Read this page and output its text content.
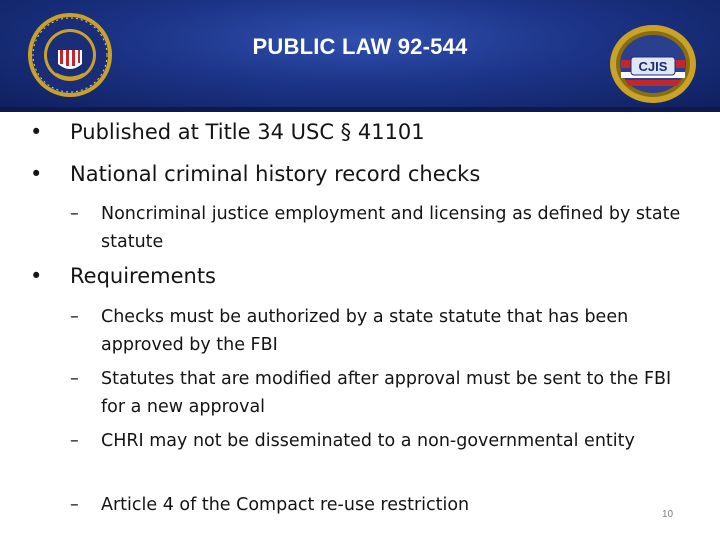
PUBLIC LAW 92-544
CJIS
• Published at Title 34 USC § 41101
• National criminal history record checks
– Noncriminal justice employment and licensing as defined by state statute
• Requirements
– Checks must be authorized by a state statute that has been approved by the FBI
– Statutes that are modified after approval must be sent to the FBI for a new approval
– CHRI may not be disseminated to a non-governmental entity
– Article 4 of the Compact re-use restriction	10
